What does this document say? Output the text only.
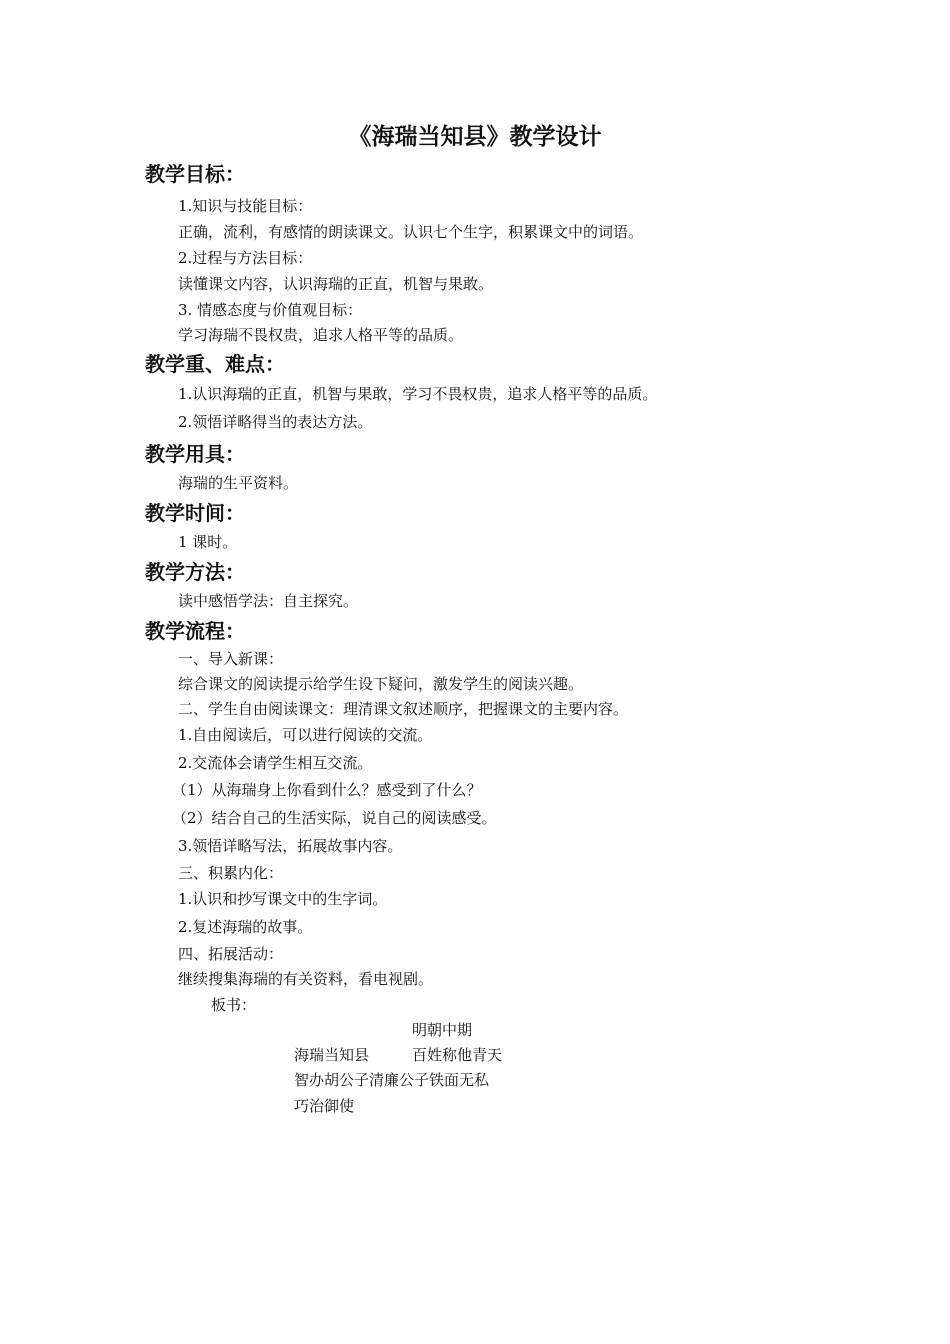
《海瑞当知县》教学设计
教学目标：
1.知识与技能目标：
正确，流利，有感情的朗读课文。认识七个生字，积累课文中的词语。
2.过程与方法目标：
读懂课文内容，认识海瑞的正直，机智与果敢。
3. 情感态度与价值观目标：
学习海瑞不畏权贵，追求人格平等的品质。
教学重、难点：
1.认识海瑞的正直，机智与果敢，学习不畏权贵，追求人格平等的品质。
2.领悟详略得当的表达方法。
教学用具：
海瑞的生平资料。
教学时间：
1 课时。
教学方法：
读中感悟学法：自主探究。
教学流程：
一、导入新课：
综合课文的阅读提示给学生设下疑问，激发学生的阅读兴趣。
二、学生自由阅读课文：理清课文叙述顺序，把握课文的主要内容。
1.自由阅读后，可以进行阅读的交流。
2.交流体会请学生相互交流。
（1）从海瑞身上你看到什么？感受到了什么？
（2）结合自己的生活实际，说自己的阅读感受。
3.领悟详略写法，拓展故事内容。
三、积累内化：
1.认识和抄写课文中的生字词。
2.复述海瑞的故事。
四、拓展活动：
继续搜集海瑞的有关资料，看电视剧。
板书：
明朝中期
海瑞当知县	百姓称他青天
智办胡公子清廉公子铁面无私
巧治御使
